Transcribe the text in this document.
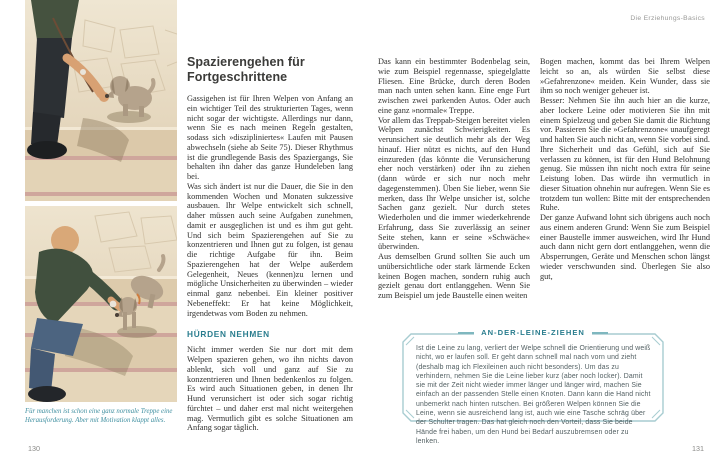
Für manchen ist schon eine ganz normale Treppe eine Herausforderung. Aber mit Motivation klappt alles.
130	131
Die Erziehungs-Basics
Spazierengehen für Fortgeschrittene

Gassigehen ist für Ihren Welpen von Anfang an ein wichtiger Teil des strukturierten Tages, wenn nicht sogar der wichtigste. Allerdings nur dann, wenn Sie es nach meinen Regeln gestalten, sodass sich »diszipliniertes« Laufen mit Pausen abwechseln (siehe ab Seite 75). Dieser Rhythmus ist die grundlegende Basis des Spaziergangs, Sie behalten ihn daher das ganze Hundeleben lang bei.

Was sich ändert ist nur die Dauer, die Sie in den kommenden Wochen und Monaten sukzessive ausbauen. Ihr Welpe entwickelt sich schnell, daher müssen auch seine Aufgaben zunehmen, damit er ausgeglichen ist und es ihm gut geht. Und sich beim Spazierengehen auf Sie zu konzentrieren und Ihnen gut zu folgen, ist genau die richtige Aufgabe für ihn. Beim Spazierengehen hat der Welpe außerdem Gelegenheit, Neues (kennen)zu lernen und mögliche Unsicherheiten zu überwinden – wieder einmal ganz nebenbei. Ein kleiner positiver Nebeneffekt: Er hat keine Möglichkeit, irgendetwas vom Boden zu nehmen.

HÜRDEN NEHMEN

Nicht immer werden Sie nur dort mit dem Welpen spazieren gehen, wo ihn nichts davon ablenkt, sich voll und ganz auf Sie zu konzentrieren und Ihnen bedenkenlos zu folgen. Es wird auch Situationen geben, in denen Ihr Hund verunsichert ist oder sich sogar richtig fürchtet – und daher erst mal nicht weitergehen mag. Vermutlich gibt es solche Situationen am Anfang sogar täglich.

Das kann ein bestimmter Bodenbelag sein, wie zum Beispiel regennasse, spiegelglatte Fliesen. Eine Brücke, durch deren Boden man nach unten sehen kann. Eine enge Furt zwischen zwei parkenden Autos. Oder auch eine ganz »normale« Treppe.

Vor allem das Treppab-Steigen bereitet vielen Welpen zunächst Schwierigkeiten. Es verunsichert sie deutlich mehr als der Weg hinauf. Hier nützt es nichts, auf den Hund einzureden (das könnte die Verunsicherung eher noch verstärken) oder ihn zu ziehen (dann würde er sich nur noch mehr dagegenstemmen). Üben Sie lieber, wenn Sie merken, dass Ihr Welpe unsicher ist, solche Sachen ganz gezielt. Nur durch stetes Wiederholen und die immer wiederkehrende Erfahrung, dass Sie zuverlässig an seiner Seite stehen, kann er seine »Schwäche« überwinden.

Aus demselben Grund sollten Sie auch um unübersichtliche oder stark lärmende Ecken keinen Bogen machen, sondern ruhig auch gezielt genau dort entlanggehen. Wenn Sie zum Beispiel um jede Baustelle einen weiten

Bogen machen, kommt das bei Ihrem Welpen leicht so an, als würden Sie selbst diese »Gefahrenzone« meiden. Kein Wunder, dass sie ihm so noch weniger geheuer ist.

Besser: Nehmen Sie ihn auch hier an die kurze, aber lockere Leine oder motivieren Sie ihn mit einem Spielzeug und geben Sie damit die Richtung vor. Passieren Sie die »Gefahrenzone« unaufgeregt und halten Sie auch nicht an, wenn Sie vorbei sind. Ihre Sicherheit und das Gefühl, sich auf Sie verlassen zu können, ist für den Hund Belohnung genug. Sie müssen ihn nicht noch extra für seine Leistung loben. Das würde ihn vermutlich in dieser Situation ohnehin nur aufregen. Wenn Sie es trotzdem tun wollen: Bitte mit der entsprechenden Ruhe.

Der ganze Aufwand lohnt sich übrigens auch noch aus einem anderen Grund: Wenn Sie zum Beispiel einer Baustelle immer ausweichen, wird Ihr Hund auch dann nicht gern dort entlanggehen, wenn die Absperrungen, Geräte und Menschen schon längst wieder verschwunden sind. Überlegen Sie also gut,

AN-DER-LEINE-ZIEHEN
Ist die Leine zu lang, verliert der Welpe schnell die Orientierung und weiß nicht, wo er laufen soll. Er geht dann schnell mal nach vorn und zieht (deshalb mag ich Flexileinen auch nicht besonders). Um das zu verhindern, nehmen Sie die Leine lieber kurz (aber noch locker). Damit sie mit der Zeit nicht wieder immer länger und länger wird, machen Sie einfach an der passenden Stelle einen Knoten. Dann kann die Hand nicht unbemerkt nach hinten rutschen. Bei größeren Welpen können Sie die Leine, wenn sie ausreichend lang ist, auch wie eine Tasche schräg über der Schulter tragen. Das hat gleich noch den Vorteil, dass Sie beide Hände frei haben, um den Hund bei Bedarf auszubremsen oder zu lenken.
